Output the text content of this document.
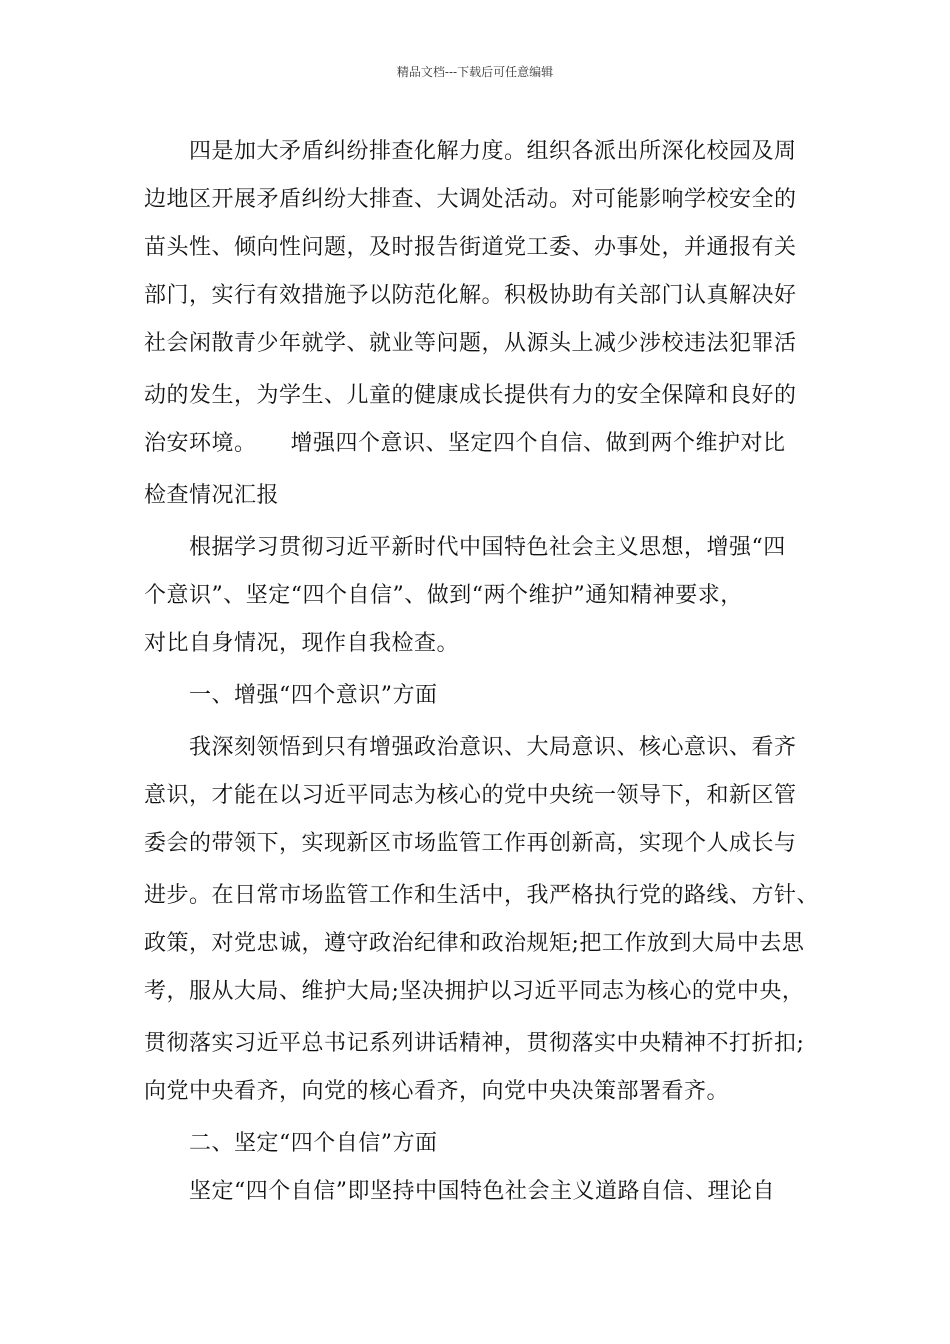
精品文档---下载后可任意编辑
四是加大矛盾纠纷排查化解力度。组织各派出所深化校园及周
边地区开展矛盾纠纷大排查、大调处活动。对可能影响学校安全的
苗头性、倾向性问题，及时报告街道党工委、办事处，并通报有关
部门，实行有效措施予以防范化解。积极协助有关部门认真解决好
社会闲散青少年就学、就业等问题，从源头上减少涉校违法犯罪活
动的发生，为学生、儿童的健康成长提供有力的安全保障和良好的
治安环境。　　增强四个意识、坚定四个自信、做到两个维护对比
检查情况汇报
根据学习贯彻习近平新时代中国特色社会主义思想，增强“四
个意识”、坚定“四个自信”、做到“两个维护”通知精神要求，
对比自身情况，现作自我检查。
一、增强“四个意识”方面
我深刻领悟到只有增强政治意识、大局意识、核心意识、看齐
意识，才能在以习近平同志为核心的党中央统一领导下，和新区管
委会的带领下，实现新区市场监管工作再创新高，实现个人成长与
进步。在日常市场监管工作和生活中，我严格执行党的路线、方针、
政策，对党忠诚，遵守政治纪律和政治规矩;把工作放到大局中去思
考，服从大局、维护大局;坚决拥护以习近平同志为核心的党中央，
贯彻落实习近平总书记系列讲话精神，贯彻落实中央精神不打折扣;
向党中央看齐，向党的核心看齐，向党中央决策部署看齐。
二、坚定“四个自信”方面
坚定“四个自信”即坚持中国特色社会主义道路自信、理论自
